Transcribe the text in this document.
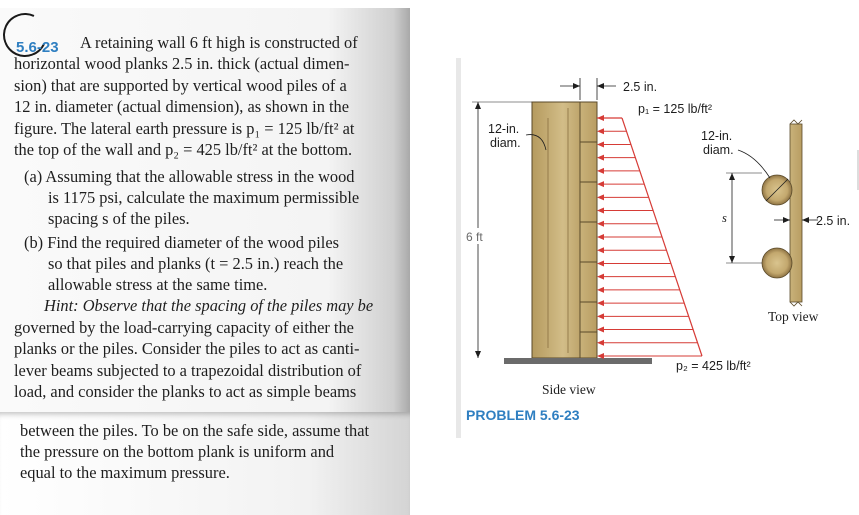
5.6-23 A retaining wall 6 ft high is constructed of
horizontal wood planks 2.5 in. thick (actual dimen-
sion) that are supported by vertical wood piles of a
12 in. diameter (actual dimension), as shown in the
figure. The lateral earth pressure is p₁ = 125 lb/ft² at
the top of the wall and p₂ = 425 lb/ft² at the bottom.
(a) Assuming that the allowable stress in the wood
is 1175 psi, calculate the maximum permissible
spacing s of the piles.
(b) Find the required diameter of the wood piles
so that piles and planks (t = 2.5 in.) reach the
allowable stress at the same time.
Hint: Observe that the spacing of the piles may be
governed by the load-carrying capacity of either the
planks or the piles. Consider the piles to act as canti-
lever beams subjected to a trapezoidal distribution of
load, and consider the planks to act as simple beams
between the piles. To be on the safe side, assume that
the pressure on the bottom plank is uniform and
equal to the maximum pressure.
2.5 in.
p₁ = 125 lb/ft²
6 ft
12-in.
diam.	12-in.
diam.
s	2.5 in.
Top view
p₂ = 425 lb/ft²
Side view
PROBLEM 5.6-23
